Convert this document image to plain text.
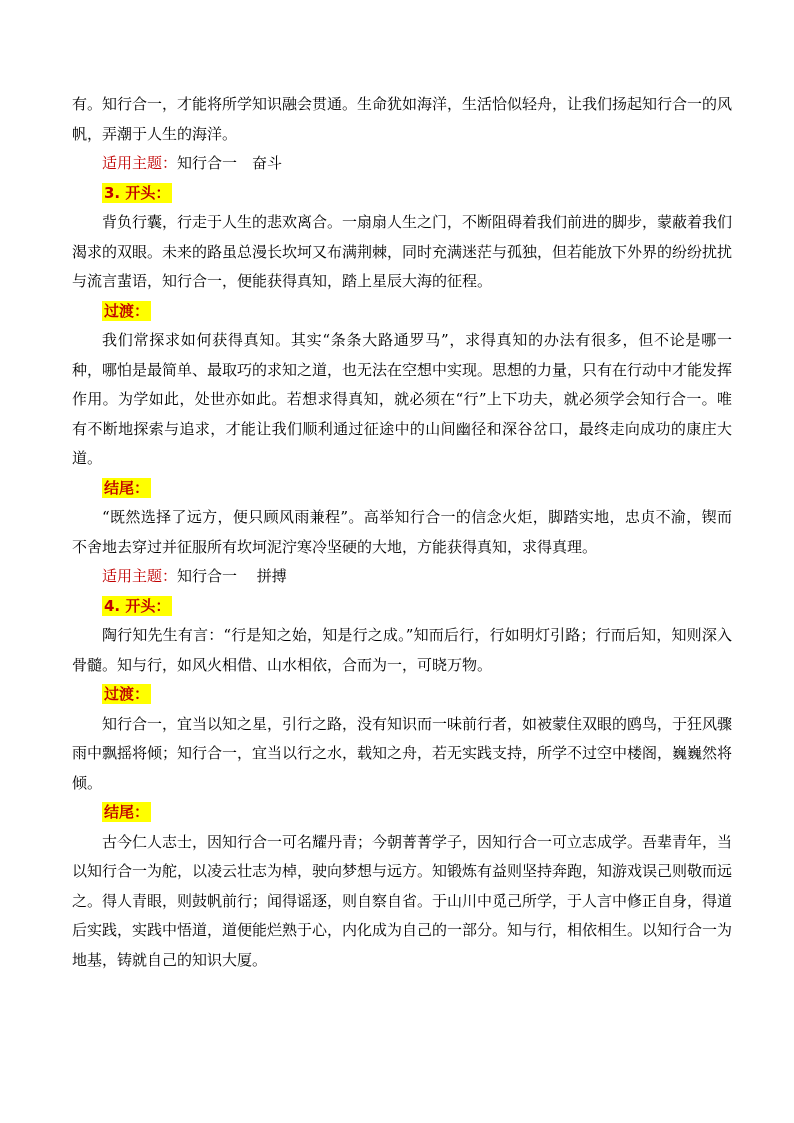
有。知行合一，才能将所学知识融会贯通。生命犹如海洋，生活恰似轻舟，让我们扬起知行合一的风帆，弄潮于人生的海洋。

适用主题：知行合一　奋斗

3. 开头：

背负行囊，行走于人生的悲欢离合。一扇扇人生之门，不断阻碍着我们前进的脚步，蒙蔽着我们渴求的双眼。未来的路虽总漫长坎坷又布满荆棘，同时充满迷茫与孤独，但若能放下外界的纷纷扰扰与流言蜚语，知行合一，便能获得真知，踏上星辰大海的征程。

过渡：

我们常探求如何获得真知。其实“条条大路通罗马”，求得真知的办法有很多，但不论是哪一种，哪怕是最简单、最取巧的求知之道，也无法在空想中实现。思想的力量，只有在行动中才能发挥作用。为学如此，处世亦如此。若想求得真知，就必须在“行”上下功夫，就必须学会知行合一。唯有不断地探索与追求，才能让我们顺利通过征途中的山间幽径和深谷岔口，最终走向成功的康庄大道。

结尾：

“既然选择了远方，便只顾风雨兼程”。高举知行合一的信念火炬，脚踏实地，忠贞不渝，锲而不舍地去穿过并征服所有坎坷泥泞寒冷坚硬的大地，方能获得真知，求得真理。

适用主题：知行合一　 拼搏

4. 开头：

陶行知先生有言：“行是知之始，知是行之成。”知而后行，行如明灯引路；行而后知，知则深入骨髓。知与行，如风火相借、山水相依，合而为一，可晓万物。

过渡：

知行合一，宜当以知之星，引行之路，没有知识而一味前行者，如被蒙住双眼的鸥鸟，于狂风骤雨中飘摇将倾；知行合一，宜当以行之水，载知之舟，若无实践支持，所学不过空中楼阁，巍巍然将倾。

结尾：

古今仁人志士，因知行合一可名耀丹青；今朝菁菁学子，因知行合一可立志成学。吾辈青年，当以知行合一为舵，以凌云壮志为棹，驶向梦想与远方。知锻炼有益则坚持奔跑，知游戏误己则敬而远之。得人青眼，则鼓帆前行；闻得谣逐，则自察自省。于山川中觅己所学，于人言中修正自身，得道后实践，实践中悟道，道便能烂熟于心，内化成为自己的一部分。知与行，相依相生。以知行合一为地基，铸就自己的知识大厦。
